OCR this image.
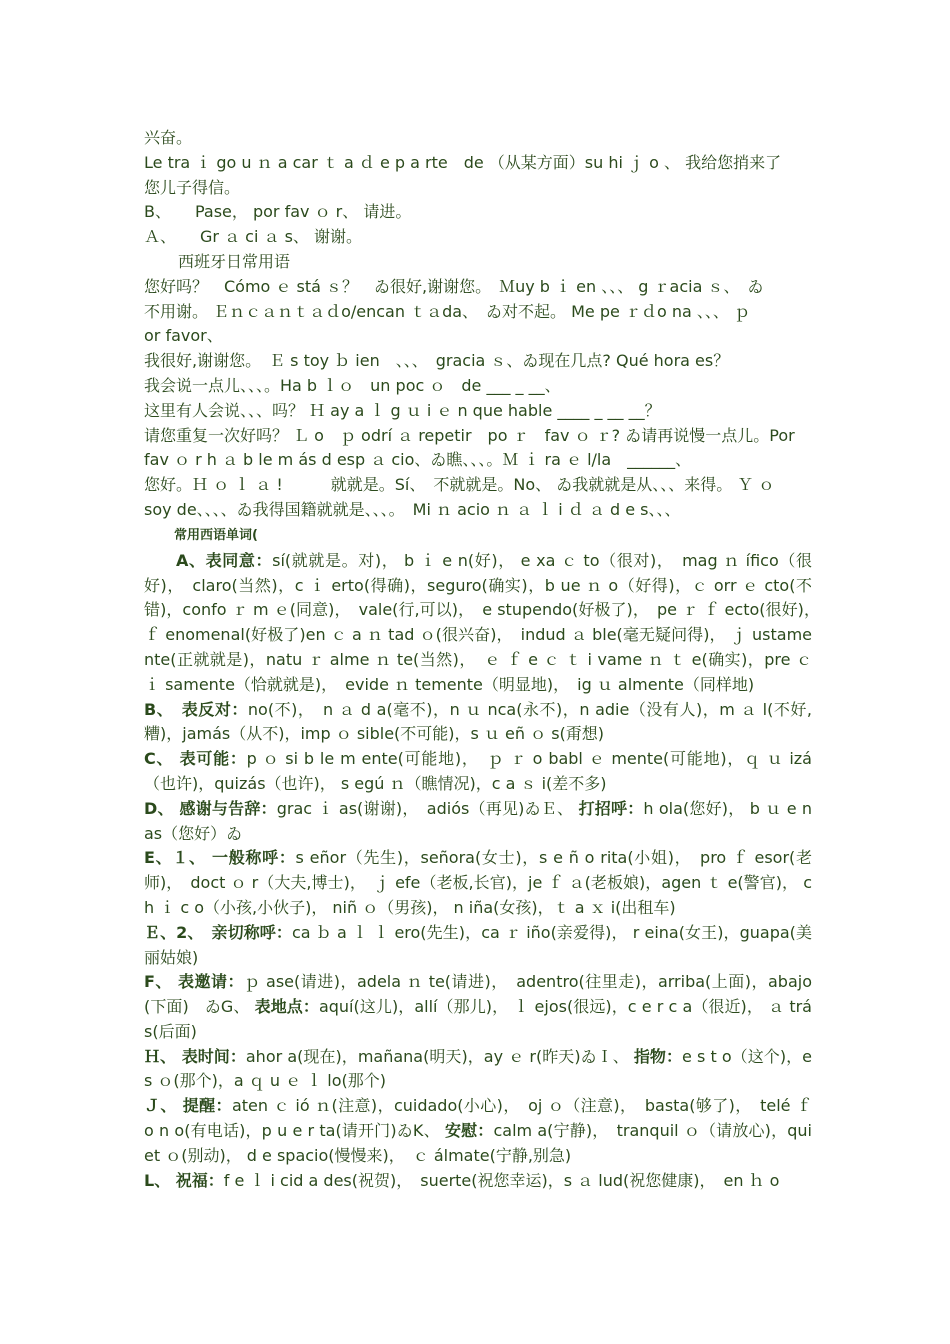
兴奋。

Le tra ｉ go u ｎ a car ｔ a ｄ e p a rte　de （从某方面）su hi ｊ o 、 我给您捎来了

您儿子得信。

B、　　Pase， por fav ｏ r、 请进。

Ａ、　　Gr ａ ci ａ s、 谢谢。

西班牙日常用语

您好吗？　Cómo ｅ stá ｓ？　ゐ很好,谢谢您。　Ｍuy b ｉ en 、、、 g ｒacia ｓ、　ゐ

不用谢。 Ｅｎｃａｎｔａｄo/encan ｔａda、　ゐ对不起。 Me pe ｒｄo na 、、、 ｐ

or favor、

我很好,谢谢您。　Ｅ s toy ｂ ien　、、、　gracia ｓ、ゐ现在几点? Qué hora es？

我会说一点儿、、、。Ha b ｌｏ　un poc ｏ　de ___ _ __、

这里有人会说、、、吗？ Ｈ ay a ｌ g ｕ i ｅ n que hable ____ _ __ __？

请您重复一次好吗？ Ｌ o　ｐ odrí ａ repetir　po ｒ　fav ｏ ｒ? ゐ请再说慢一点儿。Por

fav ｏ r h ａ b le m ás d esp ａ cio、ゐ瞧、、、。Ｍ ｉ ra ｅ l/la　______、

您好。Ｈ ｏ ｌ ａ !　　　就就是。Sí、　不就就是。No、 ゐ我就就是从、、、来得。 Ｙ ｏ

soy de、、、、ゐ我得国籍就就是、、、。　Mi ｎ acio ｎ ａ ｌ i ｄ ａ d e s、、、

常用西语单词(

A、表同意：sí(就就是。对)， b ｉ e n(好)， e xa ｃ to（很对)，　mag ｎ ífico（很好)，　claro(当然)，c ｉ erto(得确)，seguro(确实)，b ue ｎ o（好得)，ｃ orr ｅ cto(不错)，confo ｒ m ｅ(同意)，　vale(行,可以)，　e stupendo(好极了)，　pe ｒ ｆ ecto(很好)，　ｆ enomenal(好极了)en ｃ a ｎ tad ｏ(很兴奋)，　indud ａ ble(毫无疑问得)， ｊ ustamente(正就就是)，natu ｒ alme ｎ te(当然)，　ｅ ｆ e ｃ ｔ i vame ｎ ｔ e(确实)，pre ｃ ｉ samente（恰就就是)，　evide ｎ temente（明显地)，　ig ｕ almente（同样地)

B、　表反对：no(不)，　n ａ d a(毫不)，n ｕ nca(永不)，n adie（没有人)，m ａ l(不好,糟)，jamás（从不)，imp ｏ sible(不可能)，s ｕ eñ ｏ s(甭想)

C、 表可能：p ｏ si b le m ente(可能地)，　ｐ ｒ o babl ｅ mente(可能地)，ｑ ｕ izá（也许)，quizás（也许)， s egú ｎ（瞧情况)，c a ｓ i(差不多)

D、 感谢与告辞：grac ｉ as(谢谢)，　adiós（再见)ゐＥ、 打招呼：h ola(您好)， b ｕ e nas（您好）ゐ

E、１、 一般称呼：s eñor（先生)，señora(女士)，s e ñ o rita(小姐)，　pro ｆ esor(老师)，　doct ｏ r（大夫,博士)，　ｊ efe（老板,长官)，je ｆ ａ(老板娘)，agen ｔ e(警官)， c h ｉ c o（小孩,小伙子)， niñ ｏ（男孩)， n iña(女孩)，ｔ a ｘ i(出租车)

Ｅ、2、　亲切称呼：ca ｂ a ｌ ｌ ero(先生)，ca ｒ iño(亲爱得)， r eina(女王)，guapa(美丽姑娘)

F、 表邀请：ｐ ase(请进)，adela ｎ te(请进)，　adentro(往里走)，arriba(上面)，abajo(下面)　ゐG、 表地点：aquí(这儿)，allí（那儿)， ｌ ejos(很远)，c e r c a（很近)， ａ trás(后面)

Ｈ、 表时间：ahor a(现在)，mañana(明天)，ay ｅ r(昨天)ゐＩ、 指物：e s t o（这个)，es ｏ(那个)，a ｑ u ｅ ｌ lo(那个)

Ｊ、 提醒：aten ｃ ió ｎ(注意)，cuidado(小心)，　oj ｏ（注意)，　basta(够了)，　telé ｆ o n o(有电话)，p u e r ta(请开门)ゐK、 安慰：calm a(宁静)，　tranquil ｏ（请放心)，quiet ｏ(别动)， d e spacio(慢慢来)，　ｃ álmate(宁静,别急)

L、 祝福：f e ｌ i cid a des(祝贺)，　suerte(祝您幸运)，s ａ lud(祝您健康)，　en ｈ o
